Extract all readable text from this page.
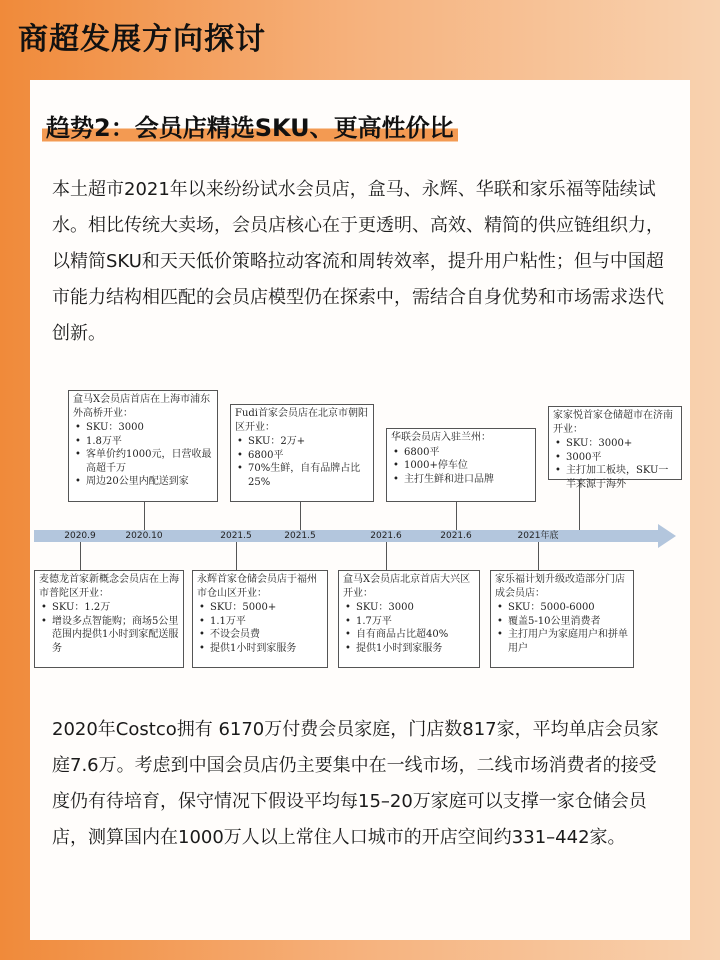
商超发展方向探讨
趋势2：会员店精选SKU、更高性价比

本土超市2021年以来纷纷试水会员店，盒马、永辉、华联和家乐福等陆续试水。相比传统大卖场，会员店核心在于更透明、高效、精简的供应链组织力，以精简SKU和天天低价策略拉动客流和周转效率，提升用户粘性；但与中国超市能力结构相匹配的会员店模型仍在探索中，需结合自身优势和市场需求迭代创新。

2020.9	2020.10	2021.5	2021.5	2021.6	2021.6	2021年底
盒马X会员店首店在上海市浦东外高桥开业：
• SKU：3000
• 1.8万平
• 客单价约1000元，日营收最高超千万
• 周边20公里内配送到家
Fudi首家会员店在北京市朝阳区开业：
• SKU：2万+
• 6800平
• 70%生鲜，自有品牌占比25%
华联会员店入驻兰州：
• 6800平
• 1000+停车位
• 主打生鲜和进口品牌
家家悦首家仓储超市在济南开业：
• SKU：3000+
• 3000平
• 主打加工板块，SKU一半来源于海外
麦德龙首家新概念会员店在上海市普陀区开业：
• SKU：1.2万
• 增设多点智能购；商场5公里范围内提供1小时到家配送服务
永辉首家仓储会员店于福州市仓山区开业：
• SKU：5000+
• 1.1万平
• 不设会员费
• 提供1小时到家服务
盒马X会员店北京首店大兴区开业：
• SKU：3000
• 1.7万平
• 自有商品占比超40%
• 提供1小时到家服务
家乐福计划升级改造部分门店成会员店：
• SKU：5000-6000
• 覆盖5-10公里消费者
• 主打用户为家庭用户和拼单用户

2020年Costco拥有 6170万付费会员家庭，门店数817家，平均单店会员家庭7.6万。考虑到中国会员店仍主要集中在一线市场，二线市场消费者的接受度仍有待培育，保守情况下假设平均每15–20万家庭可以支撑一家仓储会员店，测算国内在1000万人以上常住人口城市的开店空间约331–442家。
